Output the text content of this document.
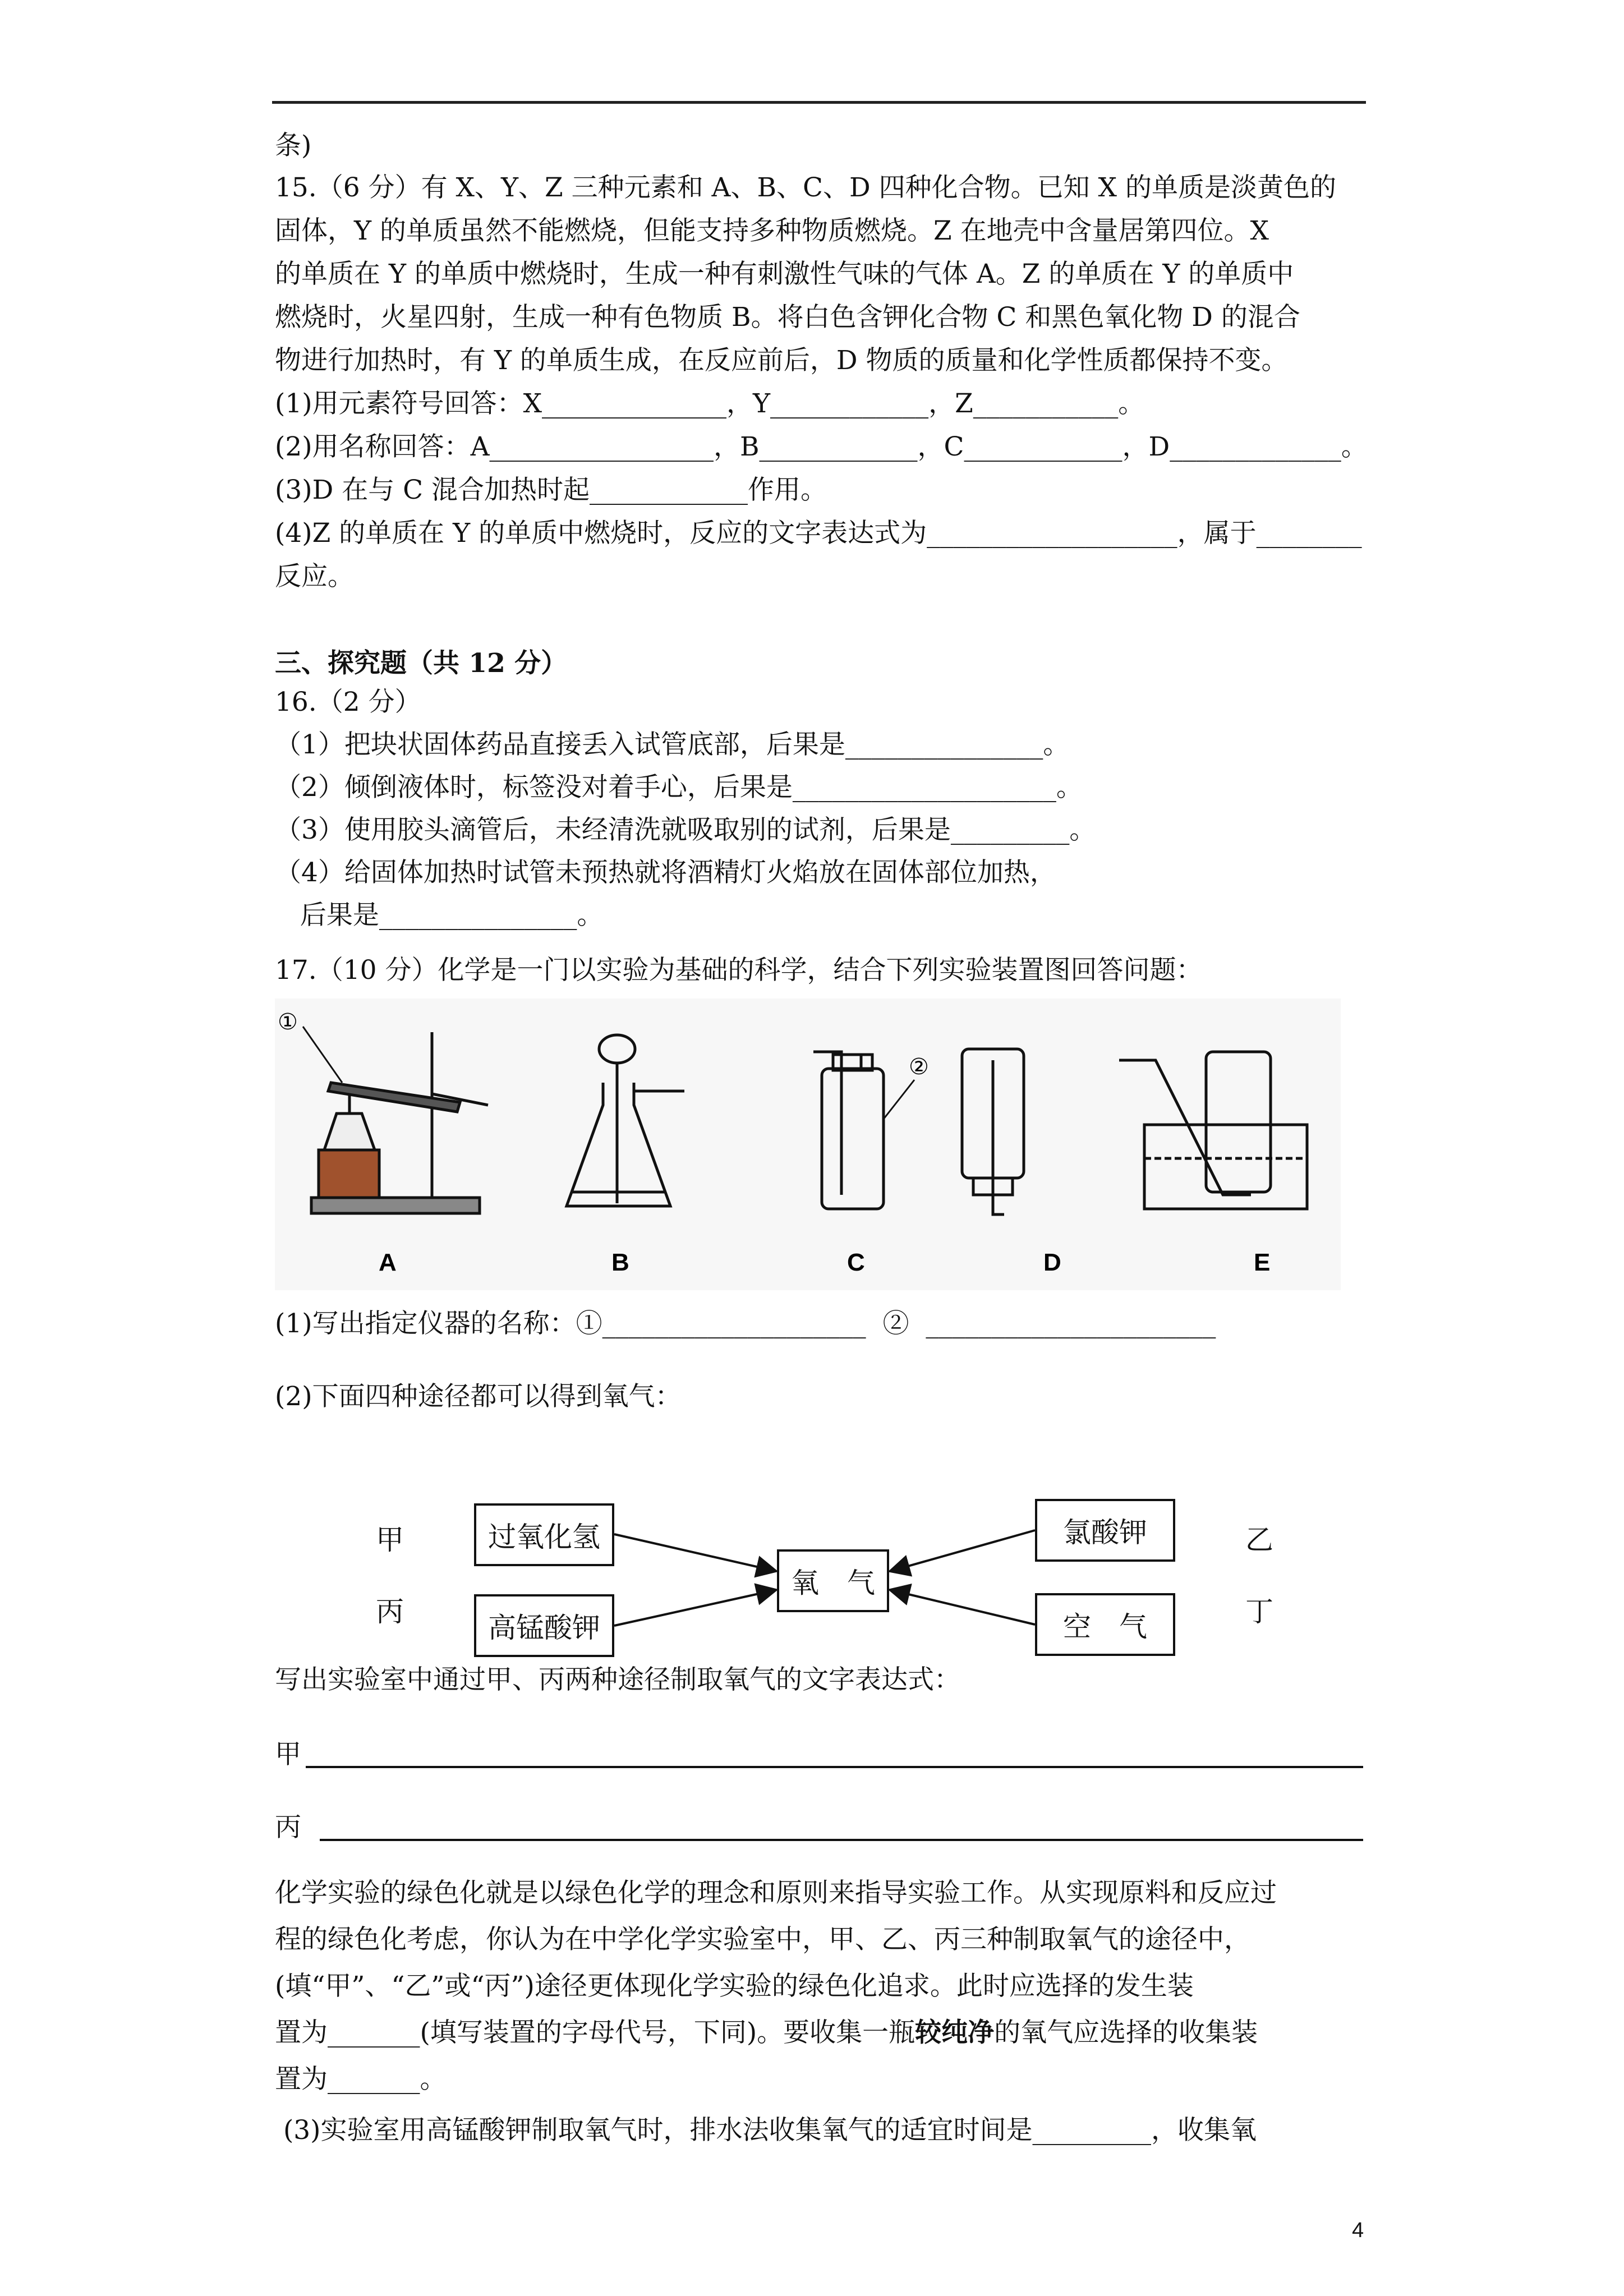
条)
15.（6 分）有 X、Y、Z 三种元素和 A、B、C、D 四种化合物。已知 X 的单质是淡黄色的
固体，Y 的单质虽然不能燃烧，但能支持多种物质燃烧。Z 在地壳中含量居第四位。X
的单质在 Y 的单质中燃烧时，生成一种有刺激性气味的气体 A。Z 的单质在 Y 的单质中
燃烧时，火星四射，生成一种有色物质 B。将白色含钾化合物 C 和黑色氧化物 D 的混合
物进行加热时，有 Y 的单质生成，在反应前后，D 物质的质量和化学性质都保持不变。
(1)用元素符号回答：X______________，Y____________，Z___________。
(2)用名称回答：A_________________，B____________，C____________，D_____________。
(3)D 在与 C 混合加热时起____________作用。
(4)Z 的单质在 Y 的单质中燃烧时，反应的文字表达式为___________________，属于________
反应。
三、探究题（共 12 分）
16.（2 分）
（1）把块状固体药品直接丢入试管底部，后果是_______________。
（2）倾倒液体时，标签没对着手心，后果是____________________。
（3）使用胶头滴管后，未经清洗就吸取别的试剂，后果是_________。
（4）给固体加热时试管未预热就将酒精灯火焰放在固体部位加热，
后果是_______________。
17.（10 分）化学是一门以实验为基础的科学，结合下列实验装置图回答问题：
①
②
A	B	C	D	E
(1)写出指定仪器的名称：①____________________  ②  ______________________
(2)下面四种途径都可以得到氧气：
甲
丙
乙
丁
过氧化氢
高锰酸钾
氧　气
氯酸钾
空　气
写出实验室中通过甲、丙两种途径制取氧气的文字表达式：
甲
丙
化学实验的绿色化就是以绿色化学的理念和原则来指导实验工作。从实现原料和反应过
程的绿色化考虑，你认为在中学化学实验室中，甲、乙、丙三种制取氧气的途径中，
(填“甲”、“乙”或“丙”)途径更体现化学实验的绿色化追求。此时应选择的发生装
置为_______(填写装置的字母代号，下同)。要收集一瓶较纯净的氧气应选择的收集装
置为_______。
(3)实验室用高锰酸钾制取氧气时，排水法收集氧气的适宜时间是_________，收集氧
4
